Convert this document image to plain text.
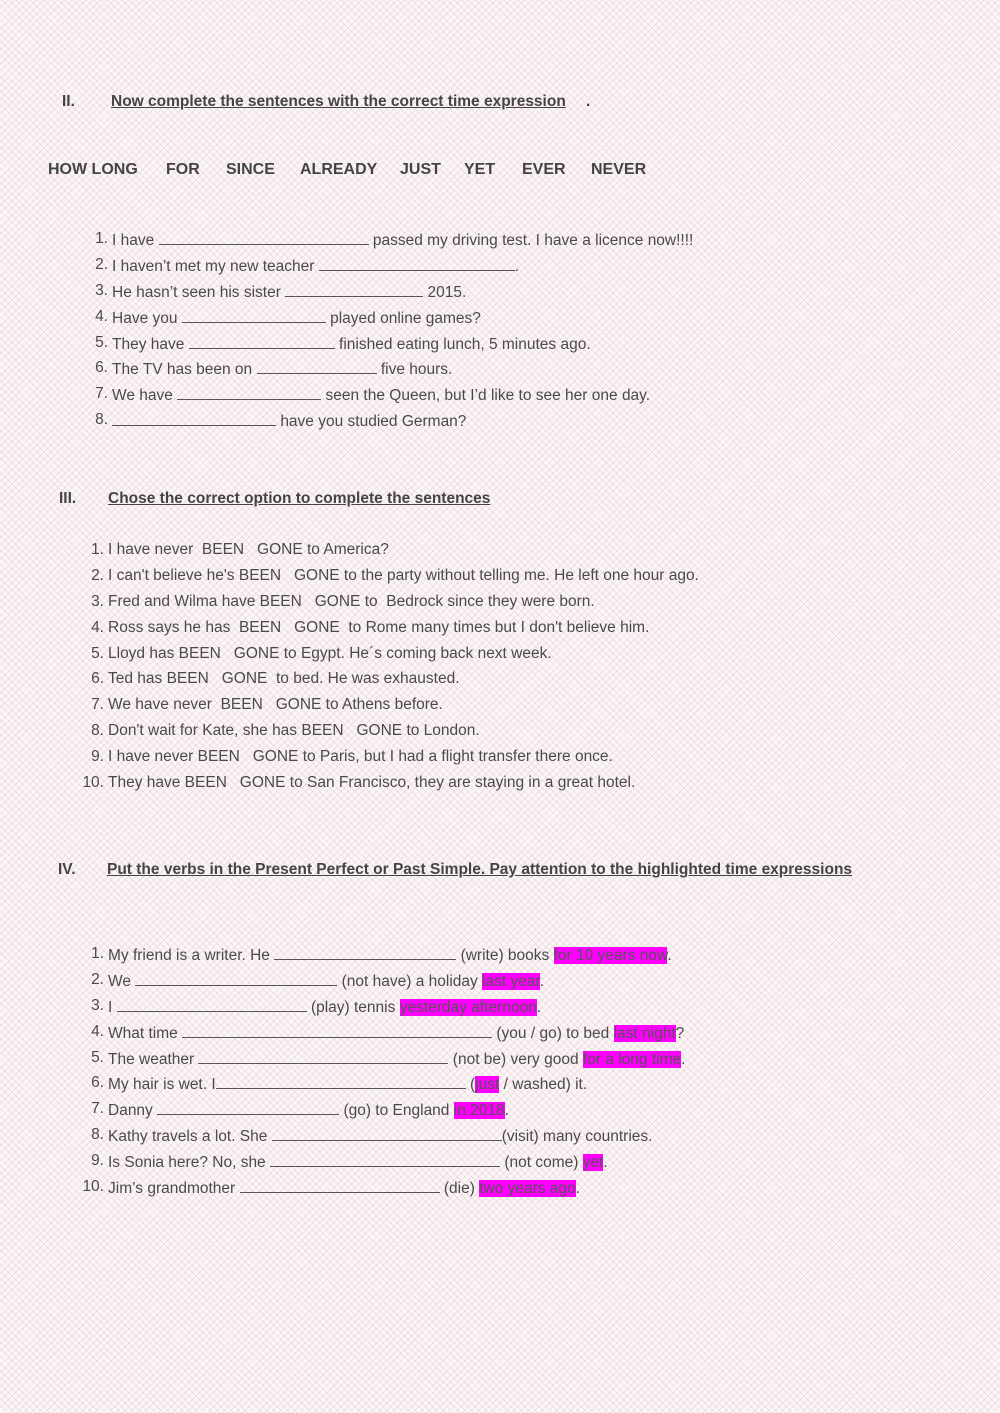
II. Now complete the sentences with the correct time expression .
HOW LONG FOR SINCE ALREADY JUST YET EVER NEVER
1. I have	passed my driving test. I have a licence now!!!!
2. I haven’t met my new teacher	.
3. He hasn’t seen his sister	2015.
4. Have you	played online games?
5. They have	finished eating lunch, 5 minutes ago.
6. The TV has been on	five hours.
7. We have	seen the Queen, but I’d like to see her one day.
8.	have you studied German?
III. Chose the correct option to complete the sentences
1. I have never  BEEN   GONE to America?
2. I can't believe he's BEEN   GONE to the party without telling me. He left one hour ago.
3. Fred and Wilma have BEEN   GONE to  Bedrock since they were born.
4. Ross says he has  BEEN   GONE  to Rome many times but I don't believe him.
5. Lloyd has BEEN   GONE to Egypt. He´s coming back next week.
6. Ted has BEEN   GONE  to bed. He was exhausted.
7. We have never  BEEN   GONE to Athens before.
8. Don't wait for Kate, she has BEEN   GONE to London.
9. I have never BEEN   GONE to Paris, but I had a flight transfer there once.
10. They have BEEN   GONE to San Francisco, they are staying in a great hotel.
IV. Put the verbs in the Present Perfect or Past Simple. Pay attention to the highlighted time expressions
1. My friend is a writer. He	(write) books for 10 years now.
2. We	(not have) a holiday last year.
3. I	(play) tennis yesterday afternoon.
4. What time	(you / go) to bed last night?
5. The weather	(not be) very good for a long time.
6. My hair is wet. I	(just / washed) it.
7. Danny	(go) to England in 2018.
8. Kathy travels a lot. She	(visit) many countries.
9. Is Sonia here? No, she	(not come) yet.
10. Jim’s grandmother	(die) two years ago.
